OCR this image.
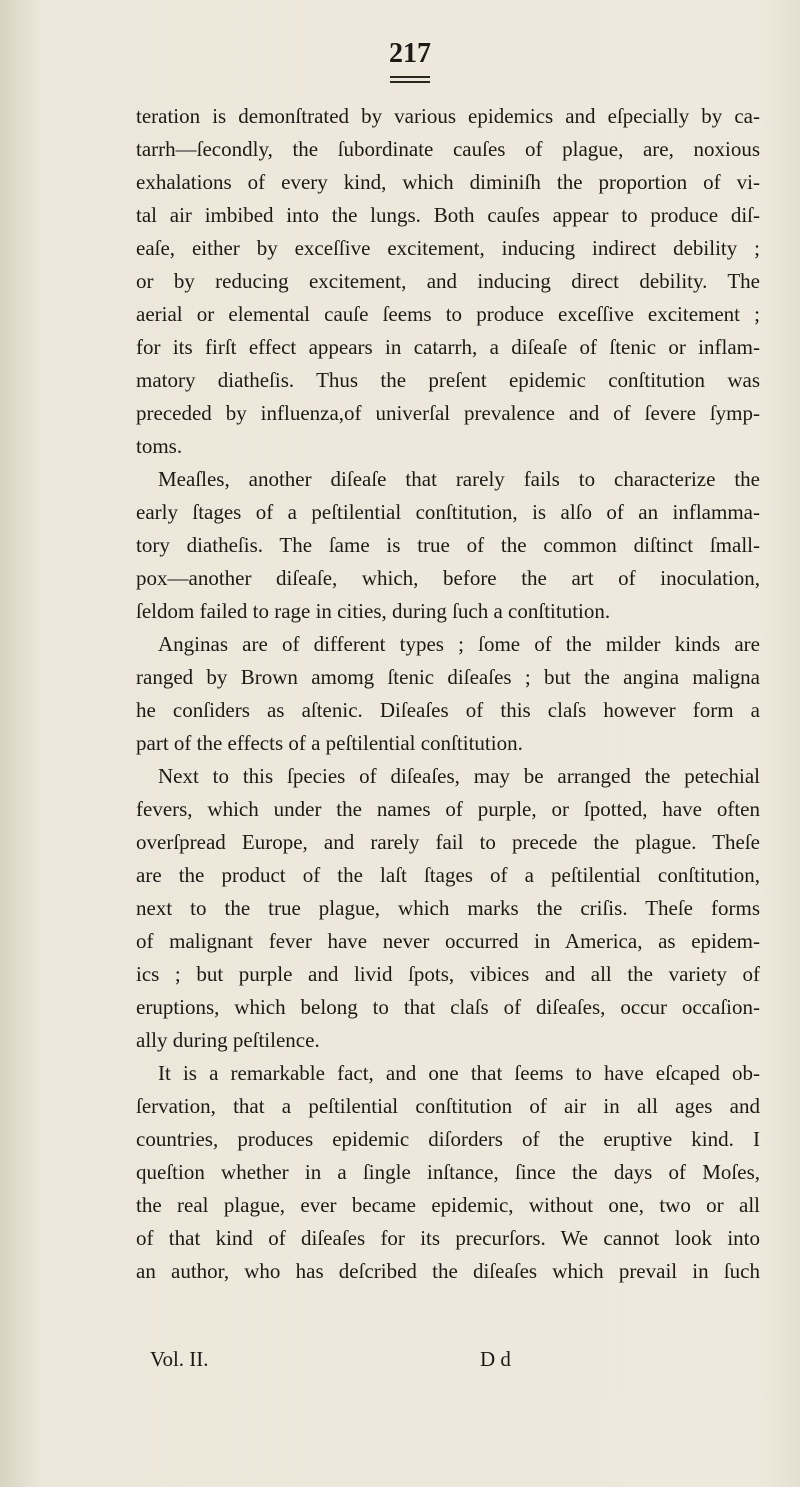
217
teration is demonſtrated by various epidemics and eſpecially by ca-
tarrh—ſecondly, the ſubordinate cauſes of plague, are, noxious
exhalations of every kind, which diminiſh the proportion of vi-
tal air imbibed into the lungs. Both cauſes appear to produce diſ-
eaſe, either by exceſſive excitement, inducing indirect debility ;
or by reducing excitement, and inducing direct debility. The
aerial or elemental cauſe ſeems to produce exceſſive excitement ;
for its firſt effect appears in catarrh, a diſeaſe of ſtenic or inflam-
matory diatheſis. Thus the preſent epidemic conſtitution was
preceded by influenza,of univerſal prevalence and of ſevere ſymp-
toms.
Meaſles, another diſeaſe that rarely fails to characterize the
early ſtages of a peſtilential conſtitution, is alſo of an inflamma-
tory diatheſis. The ſame is true of the common diſtinct ſmall-
pox—another diſeaſe, which, before the art of inoculation,
ſeldom failed to rage in cities, during ſuch a conſtitution.
Anginas are of different types ; ſome of the milder kinds are
ranged by Brown amomg ſtenic diſeaſes ; but the angina maligna
he conſiders as aſtenic. Diſeaſes of this claſs however form a
part of the effects of a peſtilential conſtitution.
Next to this ſpecies of diſeaſes, may be arranged the petechial
fevers, which under the names of purple, or ſpotted, have often
overſpread Europe, and rarely fail to precede the plague. Theſe
are the product of the laſt ſtages of a peſtilential conſtitution,
next to the true plague, which marks the criſis. Theſe forms
of malignant fever have never occurred in America, as epidem-
ics ; but purple and livid ſpots, vibices and all the variety of
eruptions, which belong to that claſs of diſeaſes, occur occaſion-
ally during peſtilence.
It is a remarkable fact, and one that ſeems to have eſcaped ob-
ſervation, that a peſtilential conſtitution of air in all ages and
countries, produces epidemic diſorders of the eruptive kind. I
queſtion whether in a ſingle inſtance, ſince the days of Moſes,
the real plague, ever became epidemic, without one, two or all
of that kind of diſeaſes for its precurſors. We cannot look into
an author, who has deſcribed the diſeaſes which prevail in ſuch
Vol. II.	D d
